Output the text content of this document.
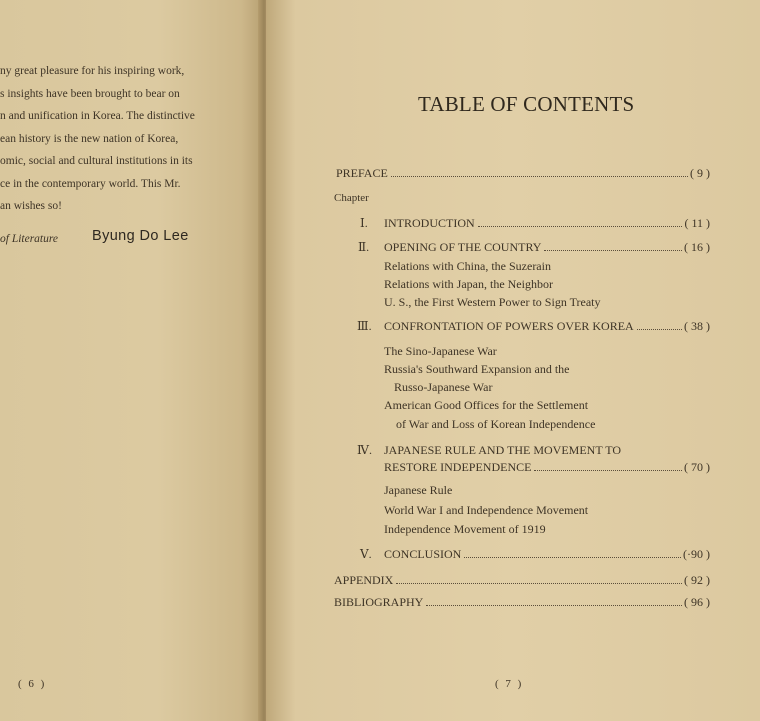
ny great pleasure for his inspiring work,
s insights have been brought to bear on
n and unification in Korea. The distinctive
ean history is the new nation of Korea,
omic, social and cultural institutions in its
ce in the contemporary world. This Mr.
an wishes so!
of Literature Byung Do Lee
( 6 )	( 7 )
TABLE OF CONTENTS
PREFACE	( 9 )
Chapter
Ⅰ. INTRODUCTION	( 11 )
Ⅱ. OPENING OF THE COUNTRY	( 16 )
Relations with China, the Suzerain
Relations with Japan, the Neighbor
U. S., the First Western Power to Sign Treaty
Ⅲ. CONFRONTATION OF POWERS OVER KOREA	( 38 )
The Sino-Japanese War
Russia's Southward Expansion and the
Russo-Japanese War
American Good Offices for the Settlement
of War and Loss of Korean Independence
Ⅳ. JAPANESE RULE AND THE MOVEMENT TO
RESTORE INDEPENDENCE	( 70 )
Japanese Rule
World War I and Independence Movement
Independence Movement of 1919
Ⅴ. CONCLUSION	(·90 )
APPENDIX	( 92 )
BIBLIOGRAPHY	( 96 )
